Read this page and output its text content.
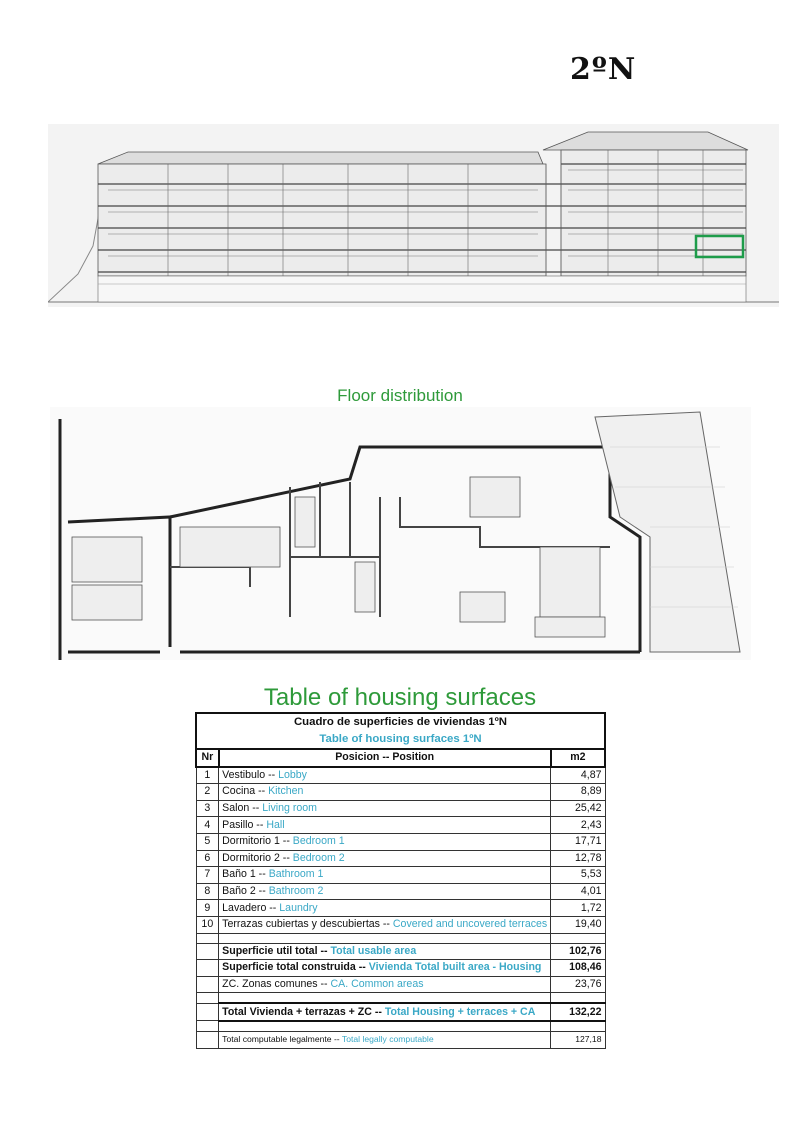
2ºN
Floor distribution
Table of housing surfaces
Cuadro de superficies de viviendas 1ºN		
Table of housing surfaces 1ºN		
Nr	Posicion -- Position	m2
1	Vestibulo -- Lobby	4,87
2	Cocina -- Kitchen	8,89
3	Salon -- Living room	25,42
4	Pasillo -- Hall	2,43
5	Dormitorio 1 -- Bedroom 1	17,71
6	Dormitorio 2 -- Bedroom 2	12,78
7	Baño 1 -- Bathroom 1	5,53
8	Baño 2 -- Bathroom 2	4,01
9	Lavadero -- Laundry	1,72
10	Terrazas cubiertas y descubiertas -- Covered and uncovered terraces	19,40

	Superficie util total -- Total usable area	102,76
	Superficie total construida -- Vivienda Total built area - Housing	108,46
	ZC. Zonas comunes -- CA. Common areas	23,76

	Total Vivienda + terrazas + ZC -- Total Housing + terraces + CA	132,22

	Total computable legalmente -- Total legally computable	127,18
